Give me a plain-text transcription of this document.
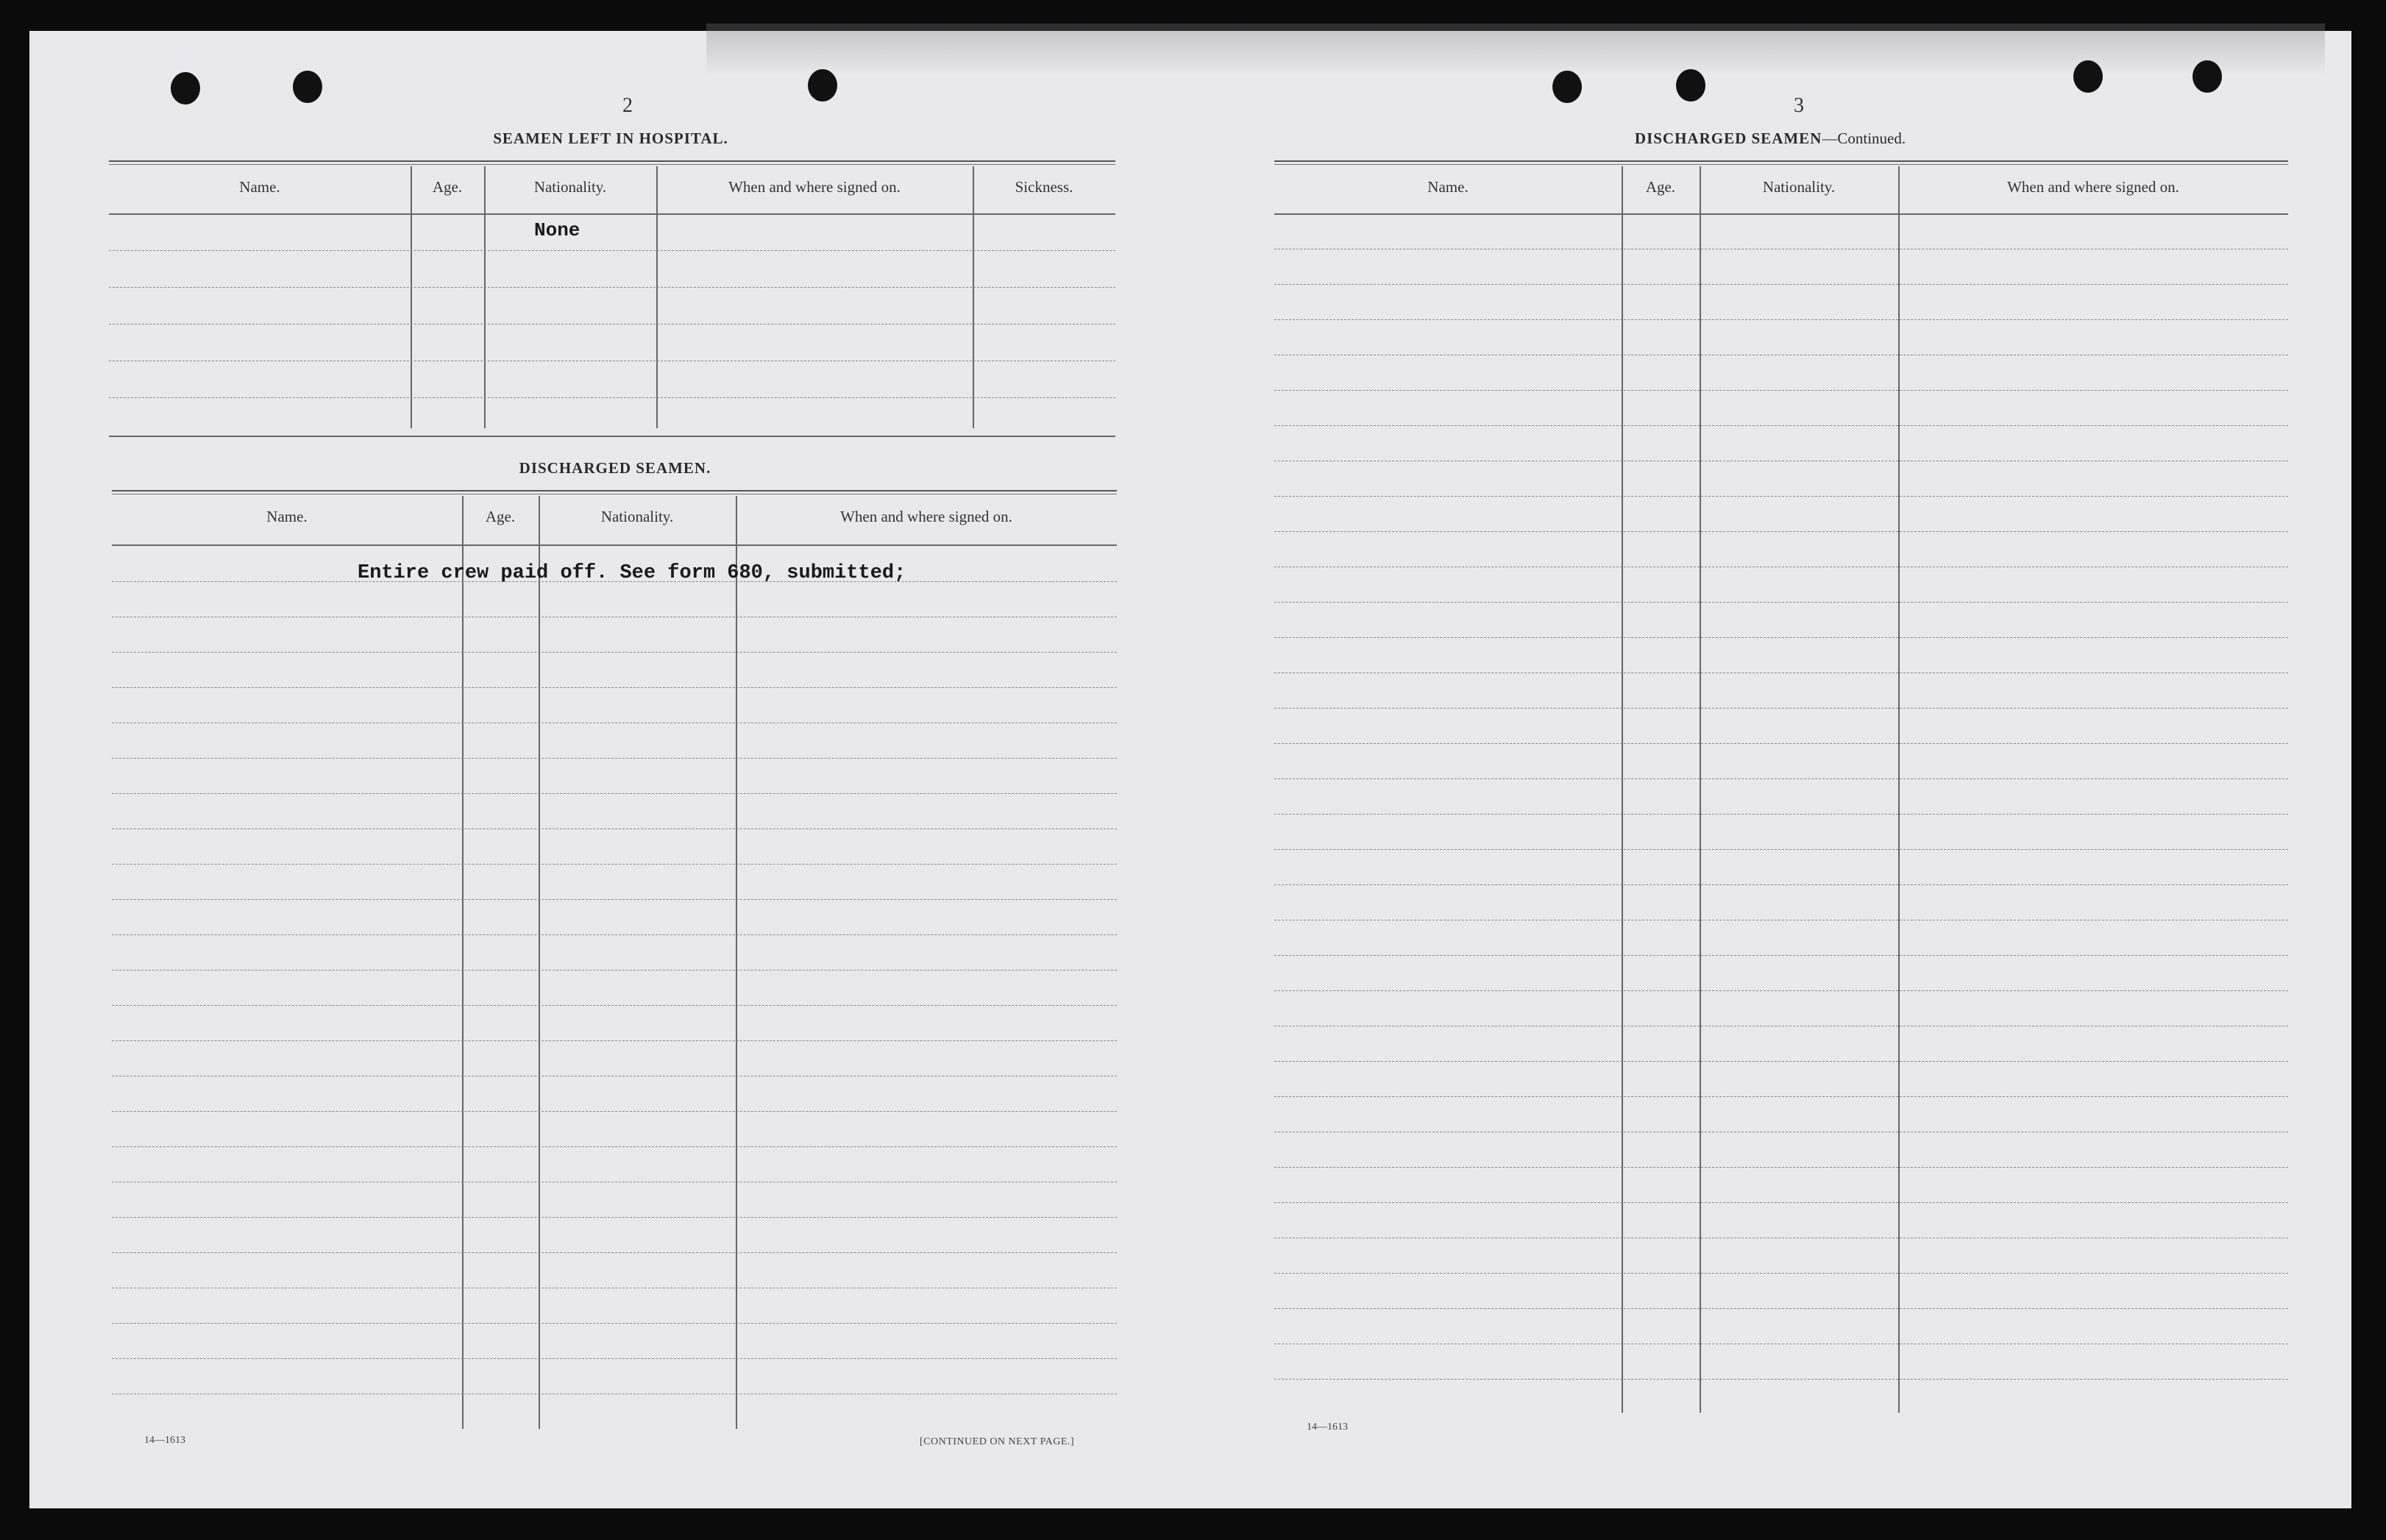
2
SEAMEN LEFT IN HOSPITAL.
Name.	Age.	Nationality.	When and where signed on.	Sickness.
None
DISCHARGED SEAMEN.
Name.	Age.	Nationality.	When and where signed on.
Entire crew paid off. See form 680, submitted;
14—1613	[CONTINUED ON NEXT PAGE.]
3
DISCHARGED SEAMEN—Continued.
Name.	Age.	Nationality.	When and where signed on.
14—1613
